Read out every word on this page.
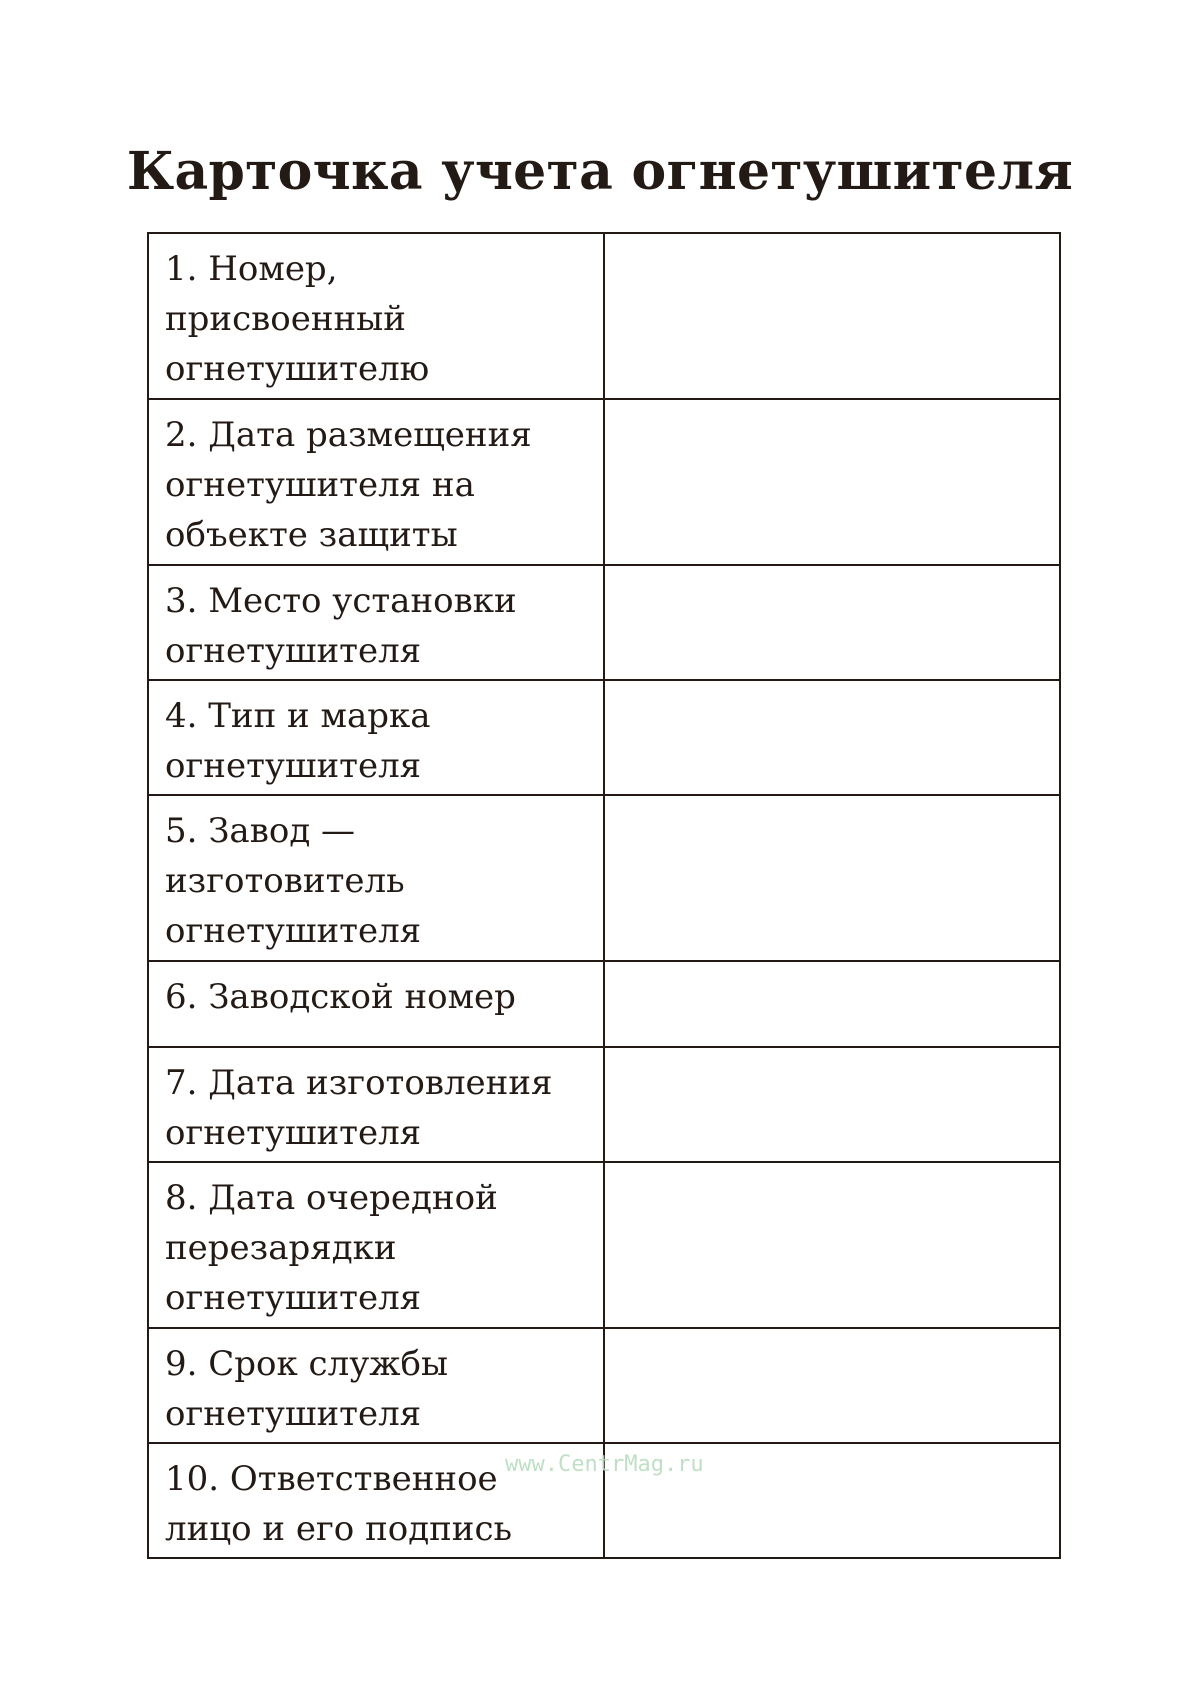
Карточка учета огнетушителя
1. Номер, присвоенный огнетушителю	
2. Дата размещения огнетушителя на объекте защиты	
3. Место установки огнетушителя	
4. Тип и марка огнетушителя	
5. Завод — изготовитель огнетушителя	
6. Заводской номер	
7. Дата изготовления огнетушителя	
8. Дата очередной перезарядки огнетушителя	
9. Срок службы огнетушителя	
10. Ответственное лицо и его подпись	
www.CentrMag.ru
